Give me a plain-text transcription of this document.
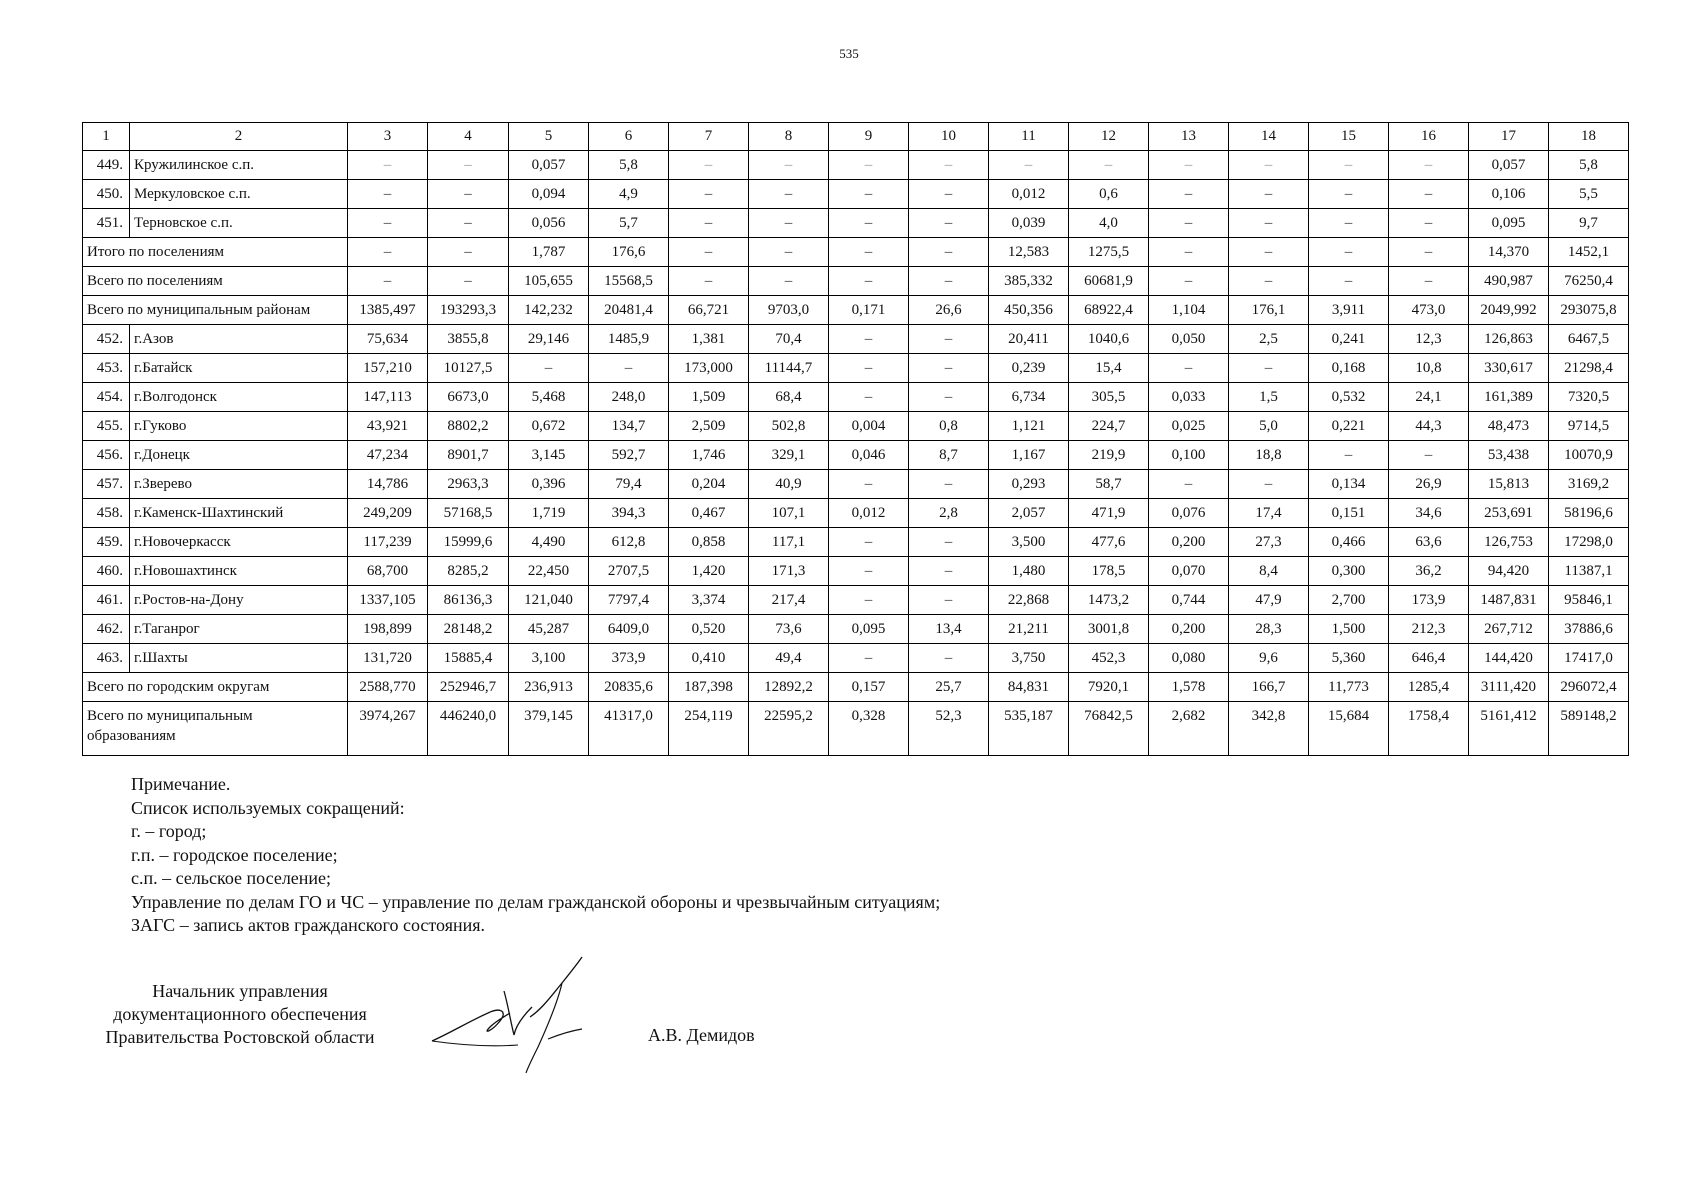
535
1	2	3	4	5	6	7	8	9	10	11	12	13	14	15	16	17	18
449.	Кружилинское с.п.	–	–	0,057	5,8	–	–	–	–	–	–	–	–	–	–	0,057	5,8
450.	Меркуловское с.п.	–	–	0,094	4,9	–	–	–	–	0,012	0,6	–	–	–	–	0,106	5,5
451.	Терновское с.п.	–	–	0,056	5,7	–	–	–	–	0,039	4,0	–	–	–	–	0,095	9,7
Итого по поселениям		–	–	1,787	176,6	–	–	–	–	12,583	1275,5	–	–	–	–	14,370	1452,1
Всего по поселениям		–	–	105,655	15568,5	–	–	–	–	385,332	60681,9	–	–	–	–	490,987	76250,4
Всего по муниципальным районам		1385,497	193293,3	142,232	20481,4	66,721	9703,0	0,171	26,6	450,356	68922,4	1,104	176,1	3,911	473,0	2049,992	293075,8
452.	г.Азов	75,634	3855,8	29,146	1485,9	1,381	70,4	–	–	20,411	1040,6	0,050	2,5	0,241	12,3	126,863	6467,5
453.	г.Батайск	157,210	10127,5	–	–	173,000	11144,7	–	–	0,239	15,4	–	–	0,168	10,8	330,617	21298,4
454.	г.Волгодонск	147,113	6673,0	5,468	248,0	1,509	68,4	–	–	6,734	305,5	0,033	1,5	0,532	24,1	161,389	7320,5
455.	г.Гуково	43,921	8802,2	0,672	134,7	2,509	502,8	0,004	0,8	1,121	224,7	0,025	5,0	0,221	44,3	48,473	9714,5
456.	г.Донецк	47,234	8901,7	3,145	592,7	1,746	329,1	0,046	8,7	1,167	219,9	0,100	18,8	–	–	53,438	10070,9
457.	г.Зверево	14,786	2963,3	0,396	79,4	0,204	40,9	–	–	0,293	58,7	–	–	0,134	26,9	15,813	3169,2
458.	г.Каменск-Шахтинский	249,209	57168,5	1,719	394,3	0,467	107,1	0,012	2,8	2,057	471,9	0,076	17,4	0,151	34,6	253,691	58196,6
459.	г.Новочеркасск	117,239	15999,6	4,490	612,8	0,858	117,1	–	–	3,500	477,6	0,200	27,3	0,466	63,6	126,753	17298,0
460.	г.Новошахтинск	68,700	8285,2	22,450	2707,5	1,420	171,3	–	–	1,480	178,5	0,070	8,4	0,300	36,2	94,420	11387,1
461.	г.Ростов-на-Дону	1337,105	86136,3	121,040	7797,4	3,374	217,4	–	–	22,868	1473,2	0,744	47,9	2,700	173,9	1487,831	95846,1
462.	г.Таганрог	198,899	28148,2	45,287	6409,0	0,520	73,6	0,095	13,4	21,211	3001,8	0,200	28,3	1,500	212,3	267,712	37886,6
463.	г.Шахты	131,720	15885,4	3,100	373,9	0,410	49,4	–	–	3,750	452,3	0,080	9,6	5,360	646,4	144,420	17417,0
Всего по городским округам		2588,770	252946,7	236,913	20835,6	187,398	12892,2	0,157	25,7	84,831	7920,1	1,578	166,7	11,773	1285,4	3111,420	296072,4
Всего по муниципальным образованиям		3974,267	446240,0	379,145	41317,0	254,119	22595,2	0,328	52,3	535,187	76842,5	2,682	342,8	15,684	1758,4	5161,412	589148,2
Примечание.
Список используемых сокращений:
г. – город;
г.п. – городское поселение;
с.п. – сельское поселение;
Управление по делам ГО и ЧС – управление по делам гражданской обороны и чрезвычайным ситуациям;
ЗАГС – запись актов гражданского состояния.
Начальник управления
документационного обеспечения
Правительства Ростовской области	А.В. Демидов
